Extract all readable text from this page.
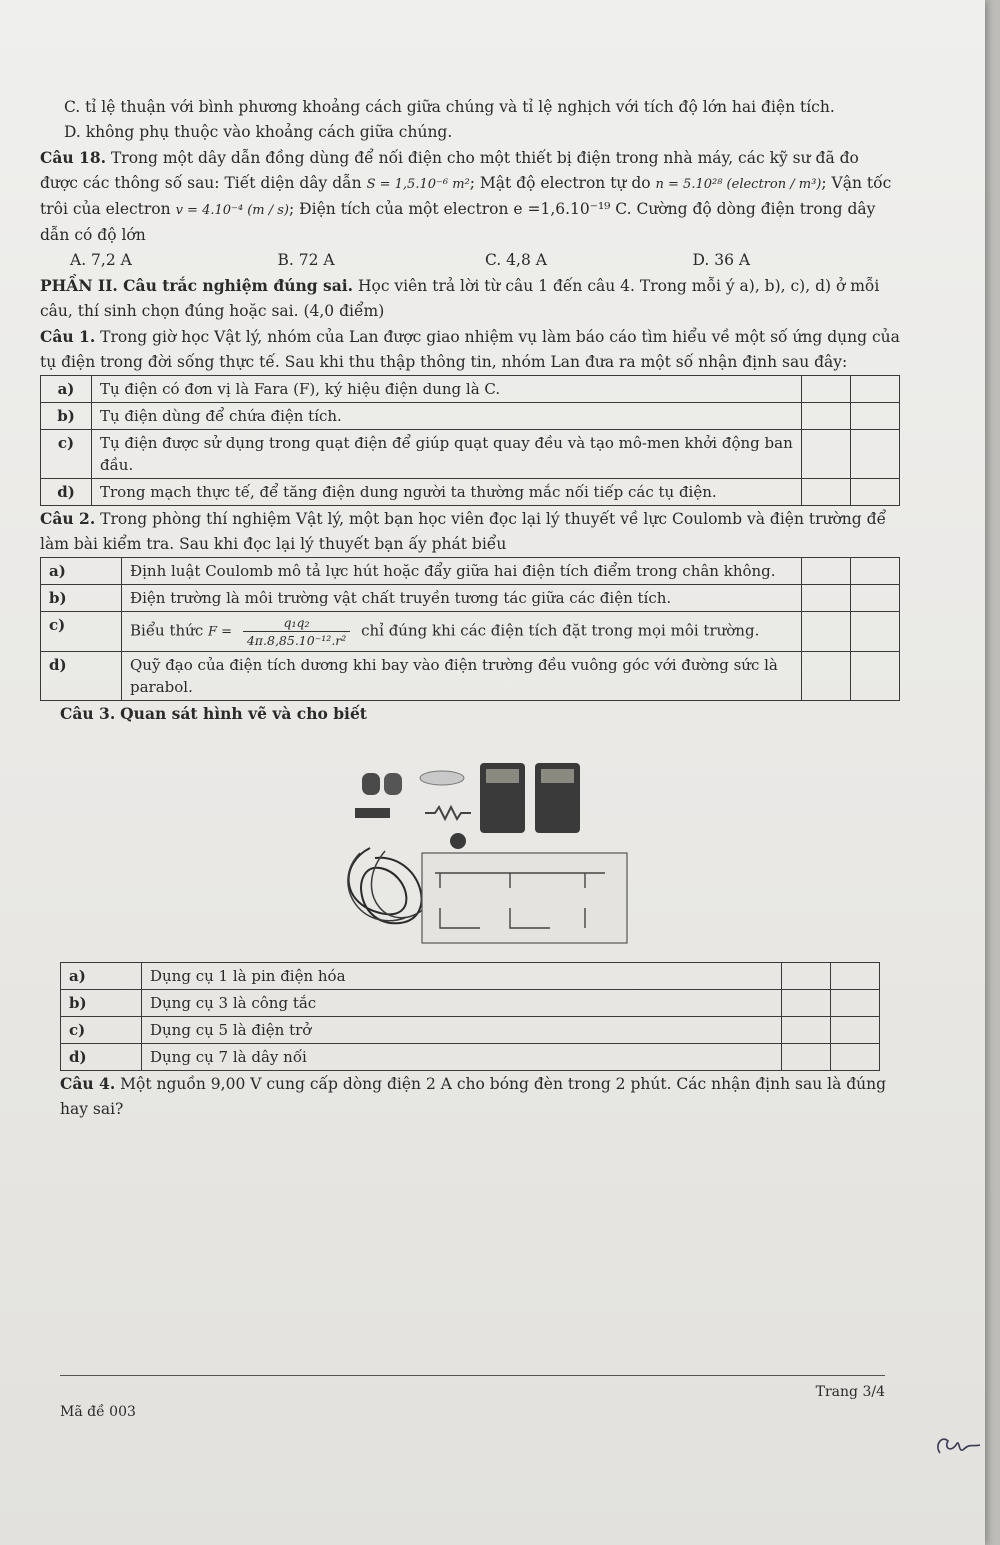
C. tỉ lệ thuận với bình phương khoảng cách giữa chúng và tỉ lệ nghịch với tích độ lớn hai điện tích.

D. không phụ thuộc vào khoảng cách giữa chúng.

Câu 18. Trong một dây dẫn đồng dùng để nối điện cho một thiết bị điện trong nhà máy, các kỹ sư đã đo được các thông số sau: Tiết diện dây dẫn S = 1,5.10⁻⁶ m²; Mật độ electron tự do n = 5.10²⁸ (electron / m³); Vận tốc trôi của electron v = 4.10⁻⁴ (m / s); Điện tích của một electron e =1,6.10⁻¹⁹ C. Cường độ dòng điện trong dây dẫn có độ lớn

A. 7,2 A	B. 72 A	C. 4,8 A	D. 36 A

PHẦN II. Câu trắc nghiệm đúng sai. Học viên trả lời từ câu 1 đến câu 4. Trong mỗi ý a), b), c), d) ở mỗi câu, thí sinh chọn đúng hoặc sai. (4,0 điểm)

Câu 1. Trong giờ học Vật lý, nhóm của Lan được giao nhiệm vụ làm báo cáo tìm hiểu về một số ứng dụng của tụ điện trong đời sống thực tế. Sau khi thu thập thông tin, nhóm Lan đưa ra một số nhận định sau đây:

a)	Tụ điện có đơn vị là Fara (F), ký hiệu điện dung là C.		
b)	Tụ điện dùng để chứa điện tích.		
c)	Tụ điện được sử dụng trong quạt điện để giúp quạt quay đều và tạo mô-men khởi động ban đầu.		
d)	Trong mạch thực tế, để tăng điện dung người ta thường mắc nối tiếp các tụ điện.		

Câu 2. Trong phòng thí nghiệm Vật lý, một bạn học viên đọc lại lý thuyết về lực Coulomb và điện trường để làm bài kiểm tra. Sau khi đọc lại lý thuyết bạn ấy phát biểu

a)	Định luật Coulomb mô tả lực hút hoặc đẩy giữa hai điện tích điểm trong chân không.		
b)	Điện trường là môi trường vật chất truyền tương tác giữa các điện tích.		
c)	Biểu thức $F = \frac{\text{q₁q₂}}{\text{4π.8,85.10⁻¹².r²}}$ chỉ đúng khi các điện tích đặt trong mọi môi trường.		
d)	Quỹ đạo của điện tích dương khi bay vào điện trường đều vuông góc với đường sức là parabol.		

Câu 3. Quan sát hình vẽ và cho biết

a)	Dụng cụ 1 là pin điện hóa		
b)	Dụng cụ 3 là công tắc		
c)	Dụng cụ 5 là điện trở		
d)	Dụng cụ 7 là dây nối		

Câu 4. Một nguồn 9,00 V cung cấp dòng điện 2 A cho bóng đèn trong 2 phút. Các nhận định sau là đúng hay sai?

Trang 3/4
Mã đề 003
